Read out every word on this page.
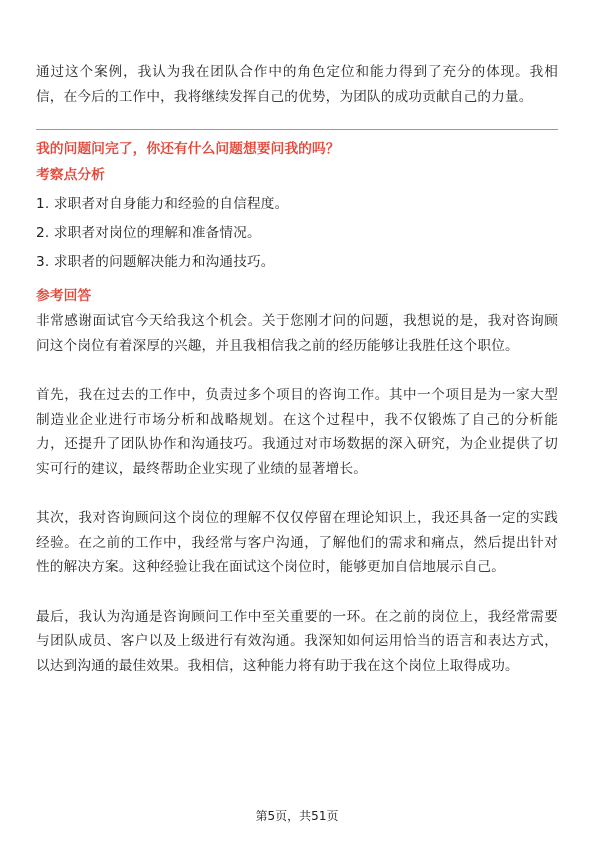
通过这个案例，我认为我在团队合作中的角色定位和能力得到了充分的体现。我相信，在今后的工作中，我将继续发挥自己的优势，为团队的成功贡献自己的力量。

我的问题问完了，你还有什么问题想要问我的吗？

考察点分析

1. 求职者对自身能力和经验的自信程度。
2. 求职者对岗位的理解和准备情况。
3. 求职者的问题解决能力和沟通技巧。

参考回答

非常感谢面试官今天给我这个机会。关于您刚才问的问题，我想说的是，我对咨询顾问这个岗位有着深厚的兴趣，并且我相信我之前的经历能够让我胜任这个职位。

首先，我在过去的工作中，负责过多个项目的咨询工作。其中一个项目是为一家大型制造业企业进行市场分析和战略规划。在这个过程中，我不仅锻炼了自己的分析能力，还提升了团队协作和沟通技巧。我通过对市场数据的深入研究，为企业提供了切实可行的建议，最终帮助企业实现了业绩的显著增长。

其次，我对咨询顾问这个岗位的理解不仅仅停留在理论知识上，我还具备一定的实践经验。在之前的工作中，我经常与客户沟通，了解他们的需求和痛点，然后提出针对性的解决方案。这种经验让我在面试这个岗位时，能够更加自信地展示自己。

最后，我认为沟通是咨询顾问工作中至关重要的一环。在之前的岗位上，我经常需要与团队成员、客户以及上级进行有效沟通。我深知如何运用恰当的语言和表达方式，以达到沟通的最佳效果。我相信，这种能力将有助于我在这个岗位上取得成功。

第5页，共51页
